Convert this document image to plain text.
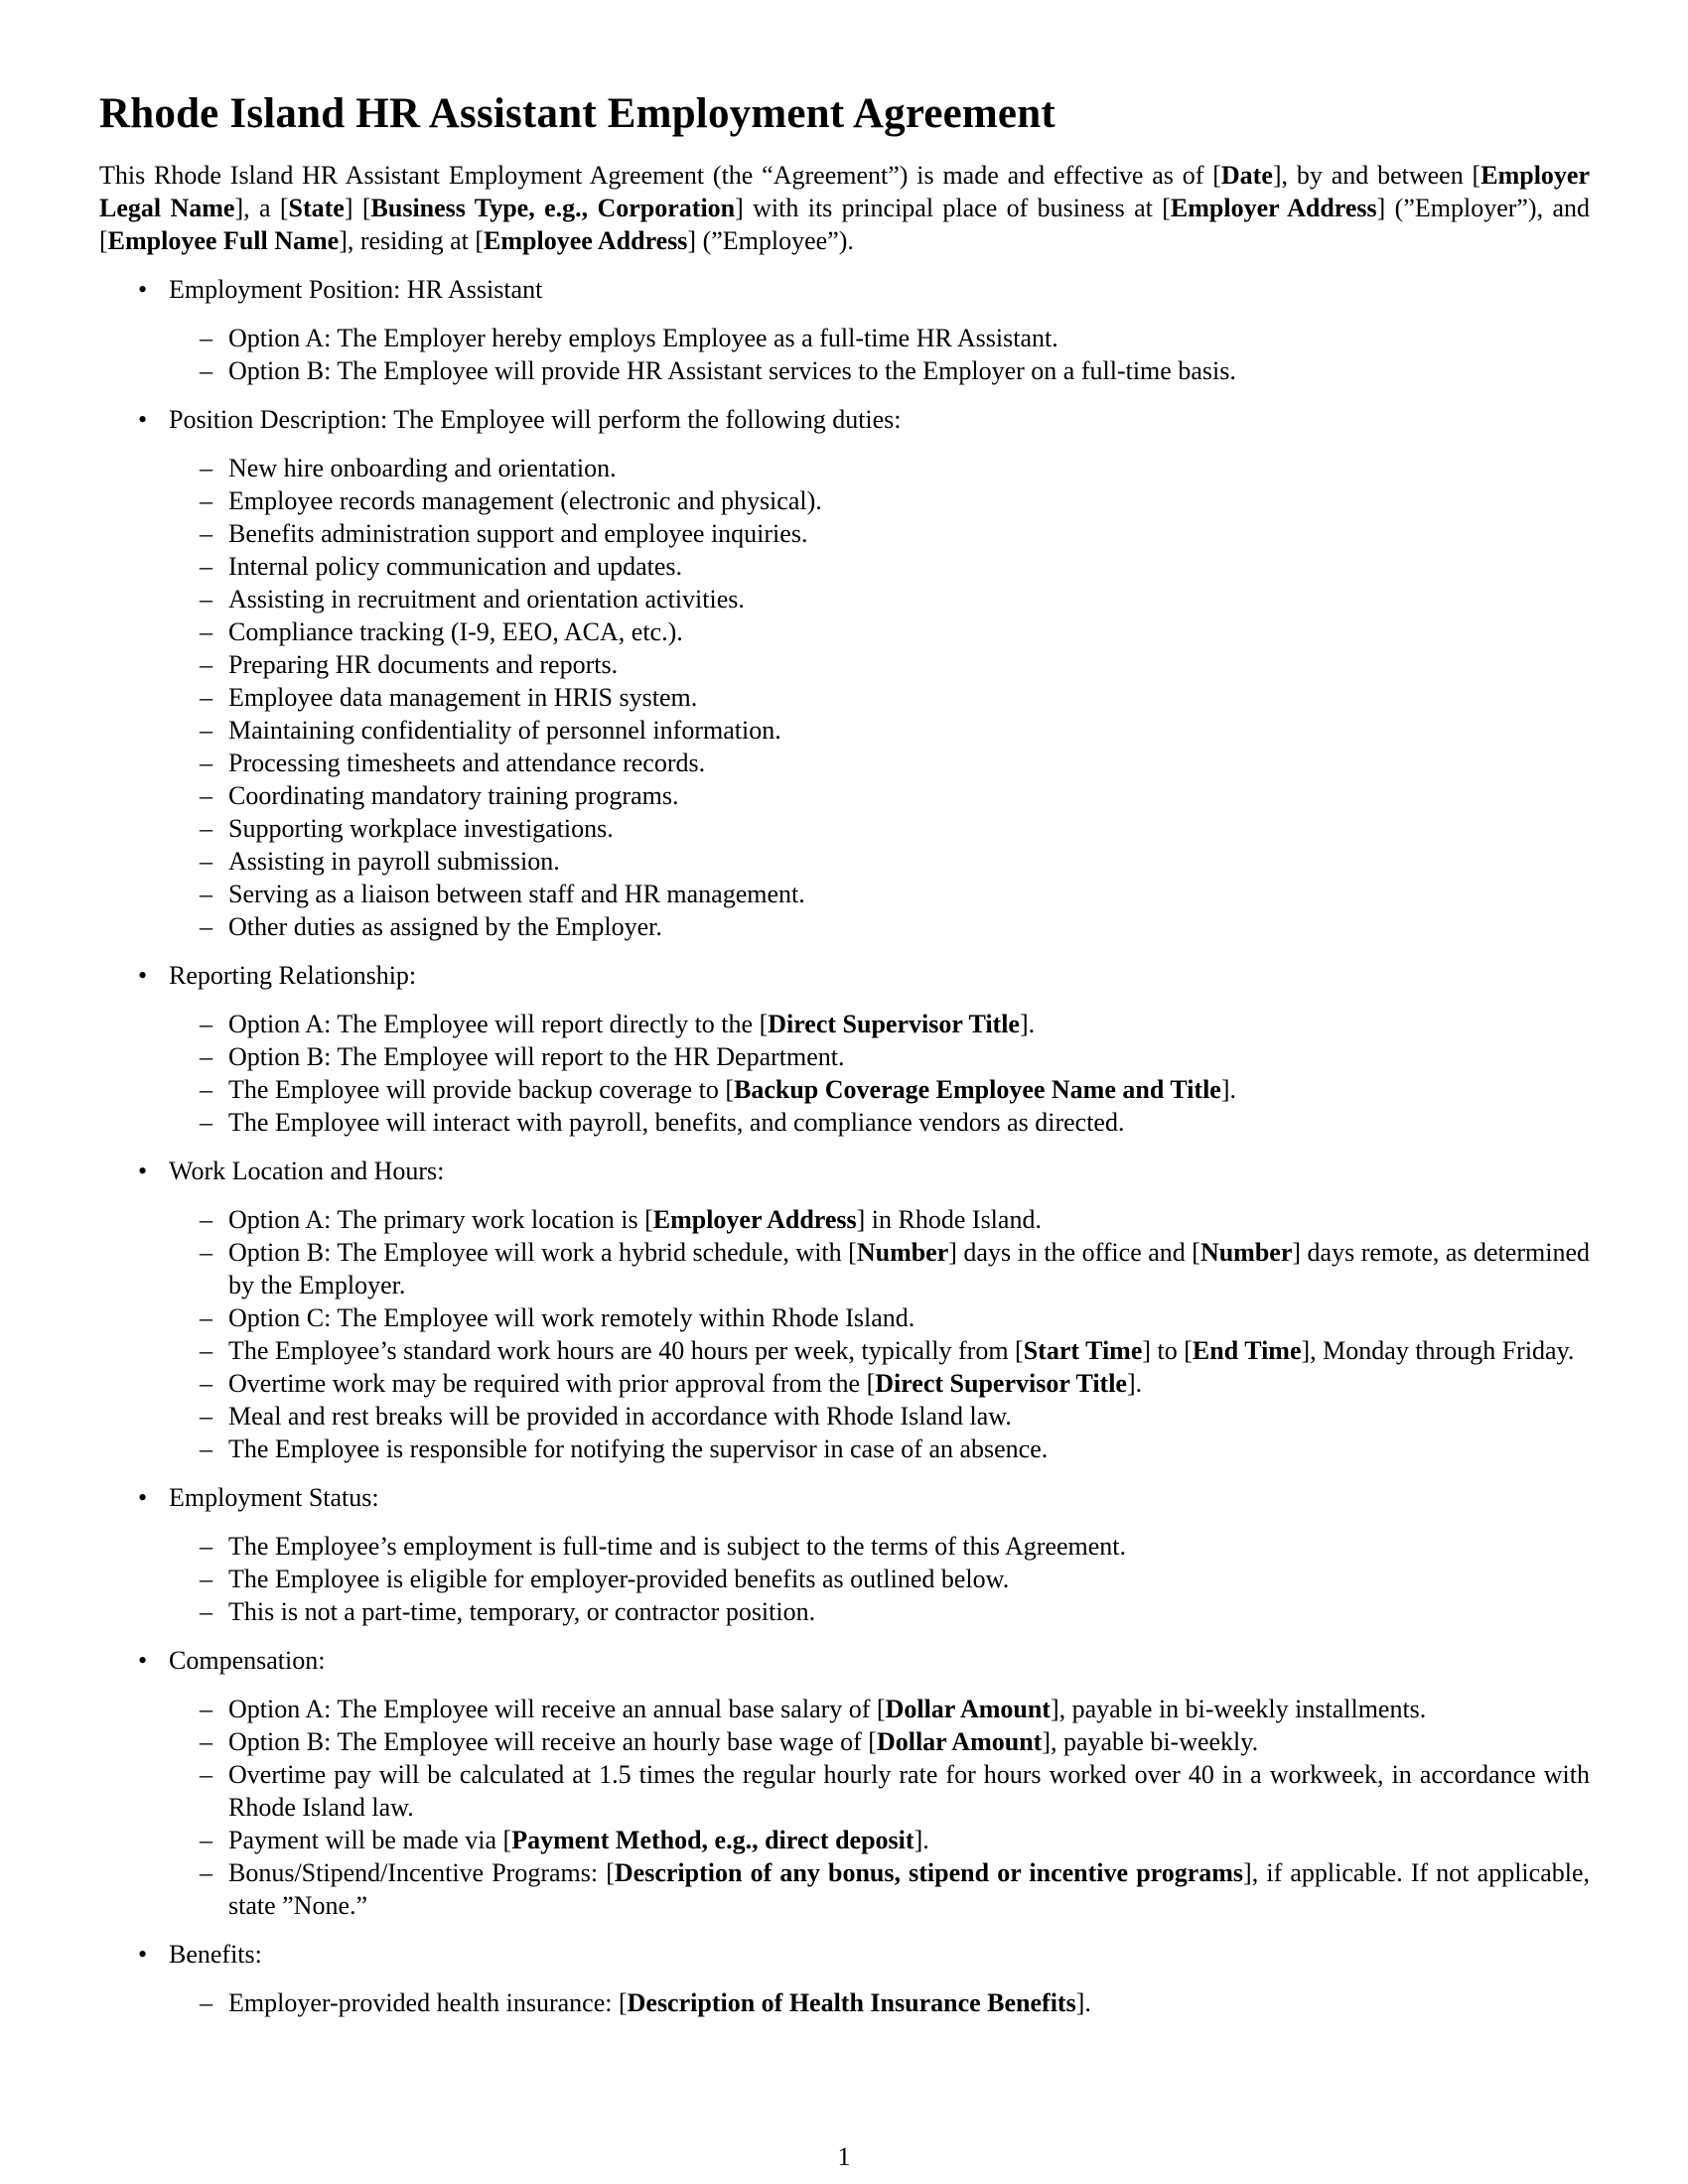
Rhode Island HR Assistant Employment Agreement

This Rhode Island HR Assistant Employment Agreement (the “Agreement”) is made and effective as of [Date], by and between [Employer Legal Name], a [State] [Business Type, e.g., Corporation] with its principal place of business at [Employer Address] (”Employer”), and [Employee Full Name], residing at [Employee Address] (”Employee”).

• Employment Position: HR Assistant
– Option A: The Employer hereby employs Employee as a full-time HR Assistant.
– Option B: The Employee will provide HR Assistant services to the Employer on a full-time basis.
• Position Description: The Employee will perform the following duties:
– New hire onboarding and orientation.
– Employee records management (electronic and physical).
– Benefits administration support and employee inquiries.
– Internal policy communication and updates.
– Assisting in recruitment and orientation activities.
– Compliance tracking (I-9, EEO, ACA, etc.).
– Preparing HR documents and reports.
– Employee data management in HRIS system.
– Maintaining confidentiality of personnel information.
– Processing timesheets and attendance records.
– Coordinating mandatory training programs.
– Supporting workplace investigations.
– Assisting in payroll submission.
– Serving as a liaison between staff and HR management.
– Other duties as assigned by the Employer.
• Reporting Relationship:
– Option A: The Employee will report directly to the [Direct Supervisor Title].
– Option B: The Employee will report to the HR Department.
– The Employee will provide backup coverage to [Backup Coverage Employee Name and Title].
– The Employee will interact with payroll, benefits, and compliance vendors as directed.
• Work Location and Hours:
– Option A: The primary work location is [Employer Address] in Rhode Island.
– Option B: The Employee will work a hybrid schedule, with [Number] days in the office and [Number] days remote, as determined by the Employer.
– Option C: The Employee will work remotely within Rhode Island.
– The Employee’s standard work hours are 40 hours per week, typically from [Start Time] to [End Time], Monday through Friday.
– Overtime work may be required with prior approval from the [Direct Supervisor Title].
– Meal and rest breaks will be provided in accordance with Rhode Island law.
– The Employee is responsible for notifying the supervisor in case of an absence.
• Employment Status:
– The Employee’s employment is full-time and is subject to the terms of this Agreement.
– The Employee is eligible for employer-provided benefits as outlined below.
– This is not a part-time, temporary, or contractor position.
• Compensation:
– Option A: The Employee will receive an annual base salary of [Dollar Amount], payable in bi-weekly installments.
– Option B: The Employee will receive an hourly base wage of [Dollar Amount], payable bi-weekly.
– Overtime pay will be calculated at 1.5 times the regular hourly rate for hours worked over 40 in a workweek, in accordance with Rhode Island law.
– Payment will be made via [Payment Method, e.g., direct deposit].
– Bonus/Stipend/Incentive Programs: [Description of any bonus, stipend or incentive programs], if applicable. If not applicable, state ”None.”
• Benefits:
– Employer-provided health insurance: [Description of Health Insurance Benefits].
1
